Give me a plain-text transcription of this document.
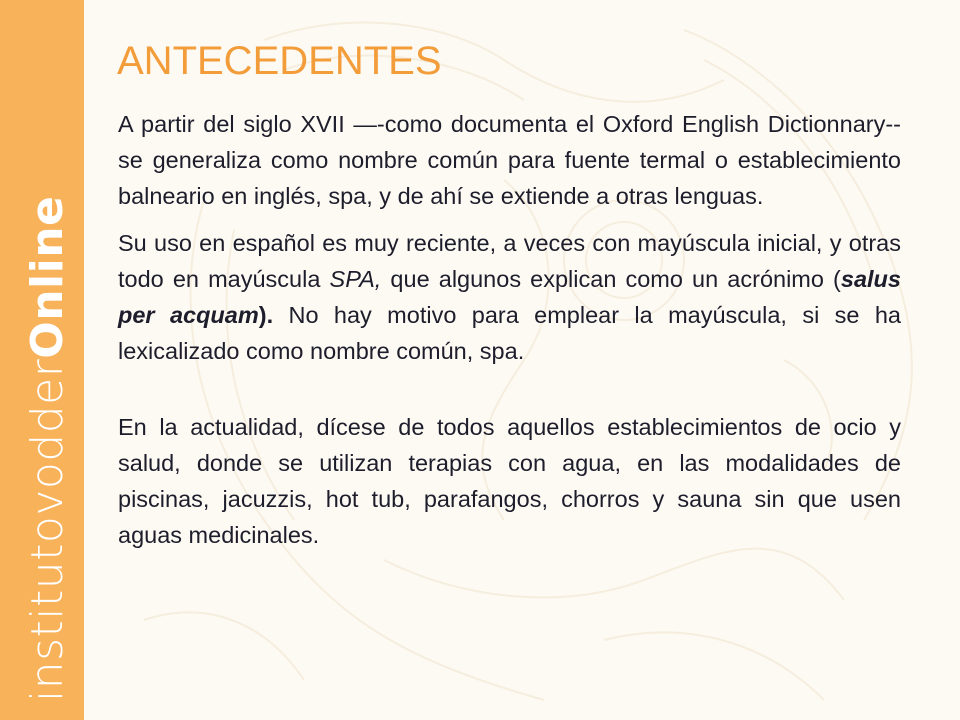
institutovodderOnline
ANTECEDENTES

A partir del siglo XVII —-como documenta el Oxford English Dictionnary-- se generaliza como nombre común para fuente termal o establecimiento balneario en inglés, spa, y de ahí se extiende a otras lenguas.

Su uso en español es muy reciente, a veces con mayúscula inicial, y otras todo en mayúscula SPA, que algunos explican como un acrónimo (salus per acquam). No hay motivo para emplear la mayúscula, si se ha lexicalizado como nombre común, spa.

En la actualidad, dícese de todos aquellos establecimientos de ocio y salud, donde se utilizan terapias con agua, en las modalidades de piscinas, jacuzzis, hot tub, parafangos, chorros y sauna sin que usen aguas medicinales.
